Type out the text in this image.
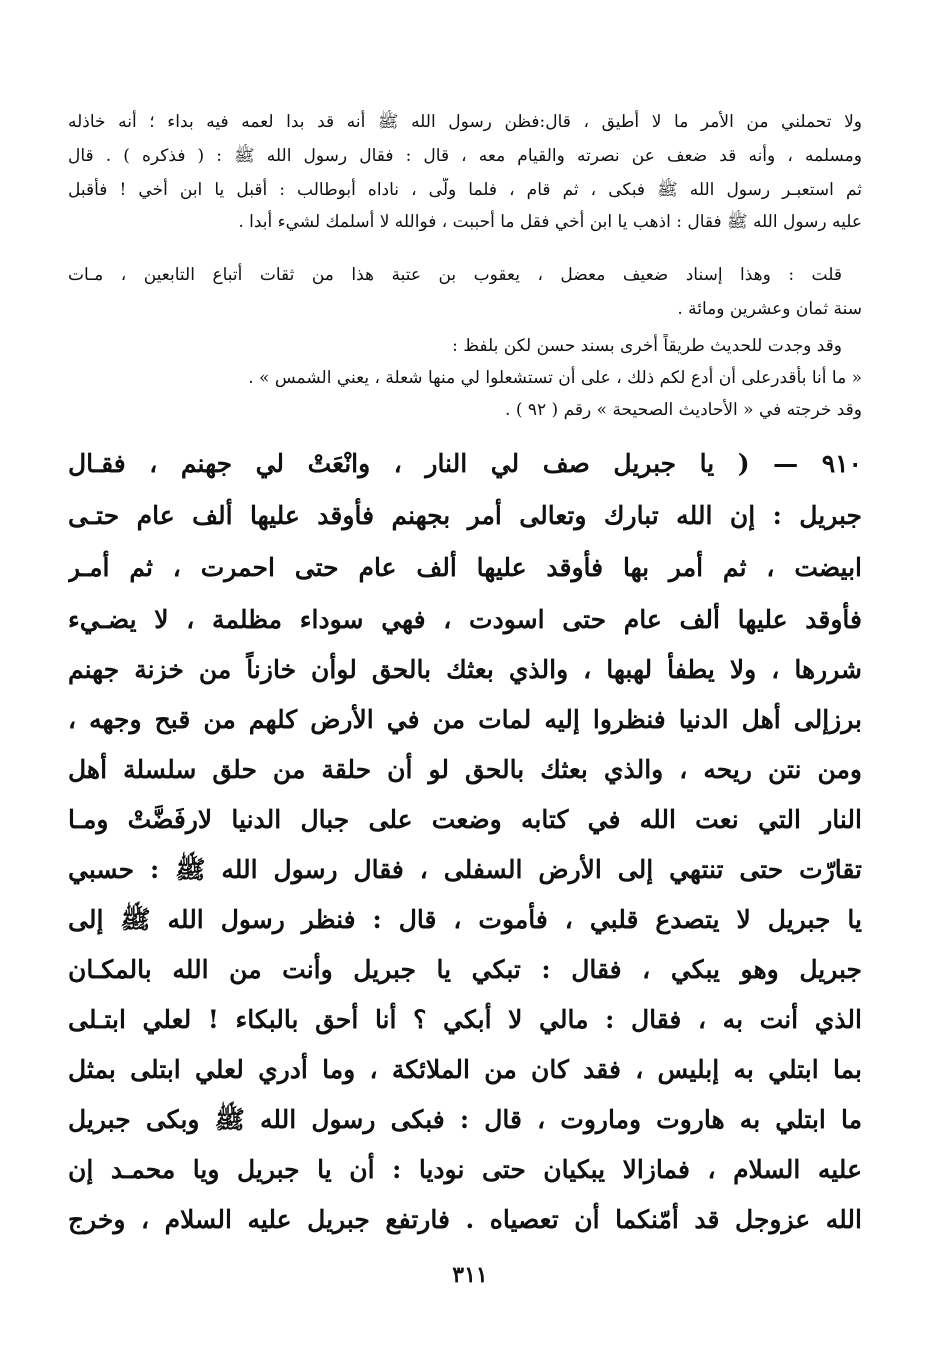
ولا تحملني من الأمر ما لا أطيق ، قال:فظن رسول الله ﷺ أنه قد بدا لعمه فيه بداء ؛ أنه خاذله
ومسلمه ، وأنه قد ضعف عن نصرته والقيام معه ، قال : فقال رسول الله ﷺ : ( فذكره ) . قال
ثم استعبـر رسول الله ﷺ فبكى ، ثم قام ، فلما ولّى ، ناداه أبوطالب : أقبل يا ابن أخي ! فأقبل
عليه رسول الله ﷺ فقال : اذهب يا ابن أخي فقل ما أحببت ، فوالله لا أسلمك لشيء أبدا .
قلت : وهذا إسناد ضعيف معضل ، يعقوب بن عتبة هذا من ثقات أتباع التابعين ، مـات
سنة ثمان وعشرين ومائة .
وقد وجدت للحديث طريقاً أخرى بسند حسن لكن بلفظ :
« ما أنا بأقدرعلى أن أدع لكم ذلك ، على أن تستشعلوا لي منها شعلة ، يعني الشمس » .
وقد خرجته في « الأحاديث الصحيحة » رقم ( ٩٢ ) .
٩١٠ — ( يا جبريل صف لي النار ، وانْعَتْ لي جهنم ، فقـال
جبريل : إن الله تبارك وتعالى أمر بجهنم فأوقد عليها ألف عام حتـى
ابيضت ، ثم أمر بها فأوقد عليها ألف عام حتى احمرت ، ثم أمـر
فأوقد عليها ألف عام حتى اسودت ، فهي سوداء مظلمة ، لا يضـيء
شررها ، ولا يطفأ لهبها ، والذي بعثك بالحق لوأن خازناً من خزنة جهنم
برزإلى أهل الدنيا فنظروا إليه لمات من في الأرض كلهم من قبح وجهه ،
ومن نتن ريحه ، والذي بعثك بالحق لو أن حلقة من حلق سلسلة أهل
النار التي نعت الله في كتابه وضعت على جبال الدنيا لارفَضَّتْ ومـا
تقارّت حتى تنتهي إلى الأرض السفلى ، فقال رسول الله ﷺ : حسبي
يا جبريل لا يتصدع قلبي ، فأموت ، قال : فنظر رسول الله ﷺ إلى
جبريل وهو يبكي ، فقال : تبكي يا جبريل وأنت من الله بالمكـان
الذي أنت به ، فقال : مالي لا أبكي ؟ أنا أحق بالبكاء ! لعلي ابتـلى
بما ابتلي به إبليس ، فقد كان من الملائكة ، وما أدري لعلي ابتلى بمثل
ما ابتلي به هاروت وماروت ، قال : فبكى رسول الله ﷺ وبكى جبريل
عليه السلام ، فمازالا يبكيان حتى نوديا : أن يا جبريل ويا محمـد إن
الله عزوجل قد أمّنكما أن تعصياه . فارتفع جبريل عليه السلام ، وخرج
٣١١
